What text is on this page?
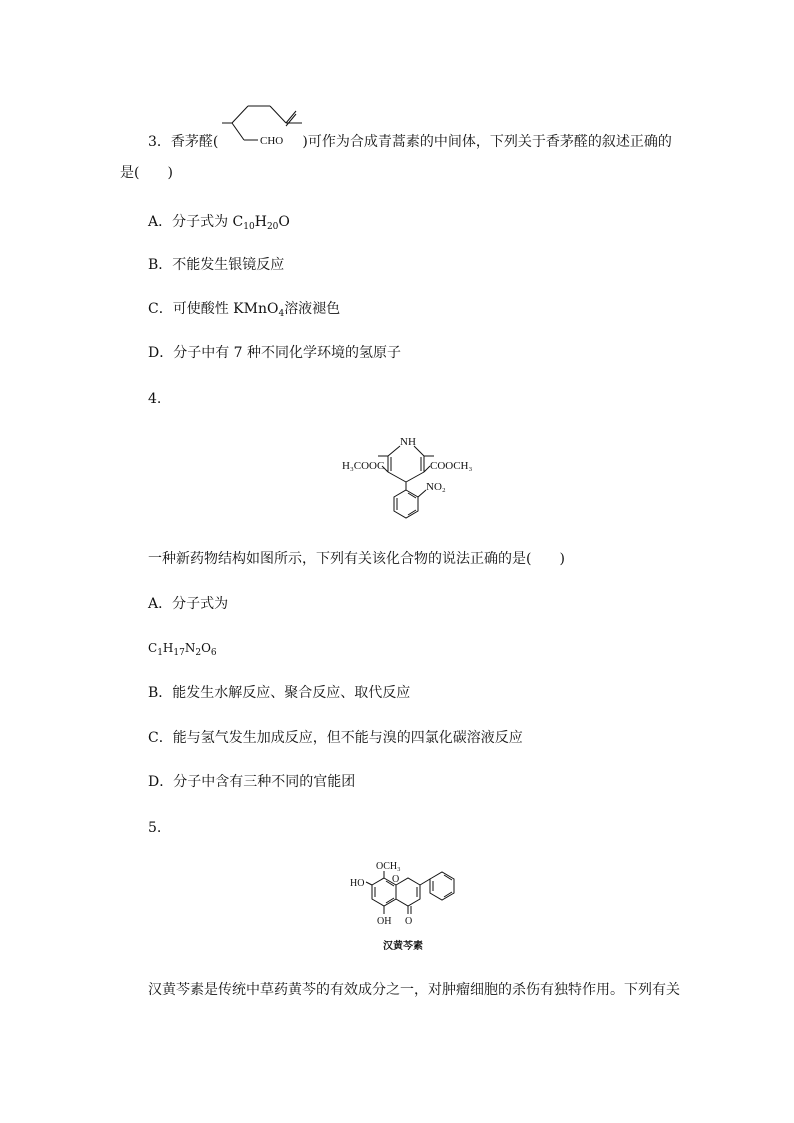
3．香茅醛(	)可作为合成青蒿素的中间体，下列关于香茅醛的叙述正确的
CHO
是(　　)
A．分子式为 $C_{10}H_{20}O$
B．不能发生银镜反应
C．可使酸性 KMnO$_4$溶液褪色
D．分子中有 7 种不同化学环境的氢原子
4.
NH
H₃COOC	COOCH₃
NO₂
一种新药物结构如图所示，下列有关该化合物的说法正确的是(　　)
A．分子式为
$C_1H_{17}N_2O_6$
B．能发生水解反应、聚合反应、取代反应
C．能与氢气发生加成反应，但不能与溴的四氯化碳溶液反应
D．分子中含有三种不同的官能团
5.
OCH₃
HO
OH O
O
汉黄芩素
汉黄芩素是传统中草药黄芩的有效成分之一，对肿瘤细胞的杀伤有独特作用。下列有关
